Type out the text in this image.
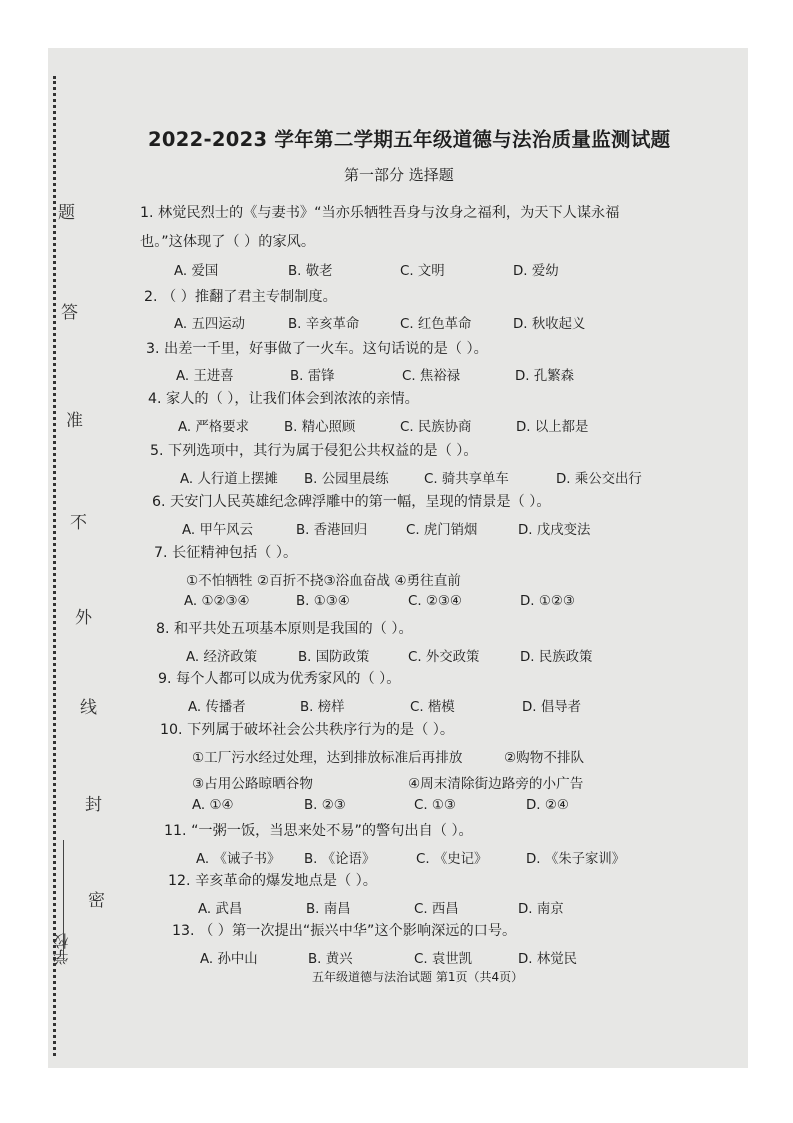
题
答
准
不
外
线
封
密
学校
2022-2023 学年第二学期五年级道德与法治质量监测试题
第一部分 选择题
1. 林觉民烈士的《与妻书》“当亦乐牺牲吾身与汝身之福利，为天下人谋永福
也。”这体现了（ ）的家风。
A. 爱国	B. 敬老	C. 文明	D. 爱幼
2. （ ）推翻了君主专制制度。
A. 五四运动	B. 辛亥革命	C. 红色革命	D. 秋收起义
3. 出差一千里，好事做了一火车。这句话说的是（ ）。
A. 王进喜	B. 雷锋	C. 焦裕禄	D. 孔繁森
4. 家人的（ ），让我们体会到浓浓的亲情。
A. 严格要求	B. 精心照顾	C. 民族协商	D. 以上都是
5. 下列选项中，其行为属于侵犯公共权益的是（ ）。
A. 人行道上摆摊 B. 公园里晨练	C. 骑共享单车	D. 乘公交出行
6. 天安门人民英雄纪念碑浮雕中的第一幅，呈现的情景是（ ）。
A. 甲午风云	B. 香港回归	C. 虎门销烟	D. 戊戌变法
7. 长征精神包括（ ）。
①不怕牺牲 ②百折不挠③浴血奋战 ④勇往直前
A. ①②③④	B. ①③④	C. ②③④	D. ①②③
8. 和平共处五项基本原则是我国的（ ）。
A. 经济政策	B. 国防政策	C. 外交政策	D. 民族政策
9. 每个人都可以成为优秀家风的（ ）。
A. 传播者	B. 榜样	C. 楷模	D. 倡导者
10. 下列属于破坏社会公共秩序行为的是（ ）。
①工厂污水经过处理，达到排放标准后再排放	②购物不排队
③占用公路晾晒谷物	④周末清除街边路旁的小广告
A. ①④	B. ②③	C. ①③	D. ②④
11. “一粥一饭，当思来处不易”的警句出自（ ）。
A. 《诫子书》 B. 《论语》	C. 《史记》	D. 《朱子家训》
12. 辛亥革命的爆发地点是（ ）。
A. 武昌	B. 南昌	C. 西昌	D. 南京
13. （ ）第一次提出“振兴中华”这个影响深远的口号。
A. 孙中山	B. 黄兴	C. 袁世凯	D. 林觉民
五年级道德与法治试题 第1页（共4页）
